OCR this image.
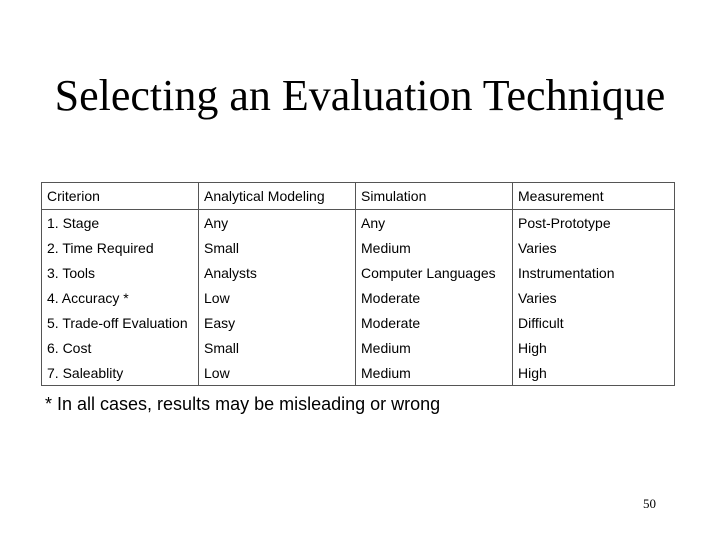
Selecting an Evaluation Technique
Criterion	Analytical Modeling	Simulation	Measurement
1. Stage	Any	Any	Post-Prototype
2. Time Required	Small	Medium	Varies
3. Tools	Analysts	Computer Languages	Instrumentation
4. Accuracy *	Low	Moderate	Varies
5. Trade-off Evaluation	Easy	Moderate	Difficult
6. Cost	Small	Medium	High
7. Saleablity	Low	Medium	High
* In all cases, results may be misleading or wrong
50
